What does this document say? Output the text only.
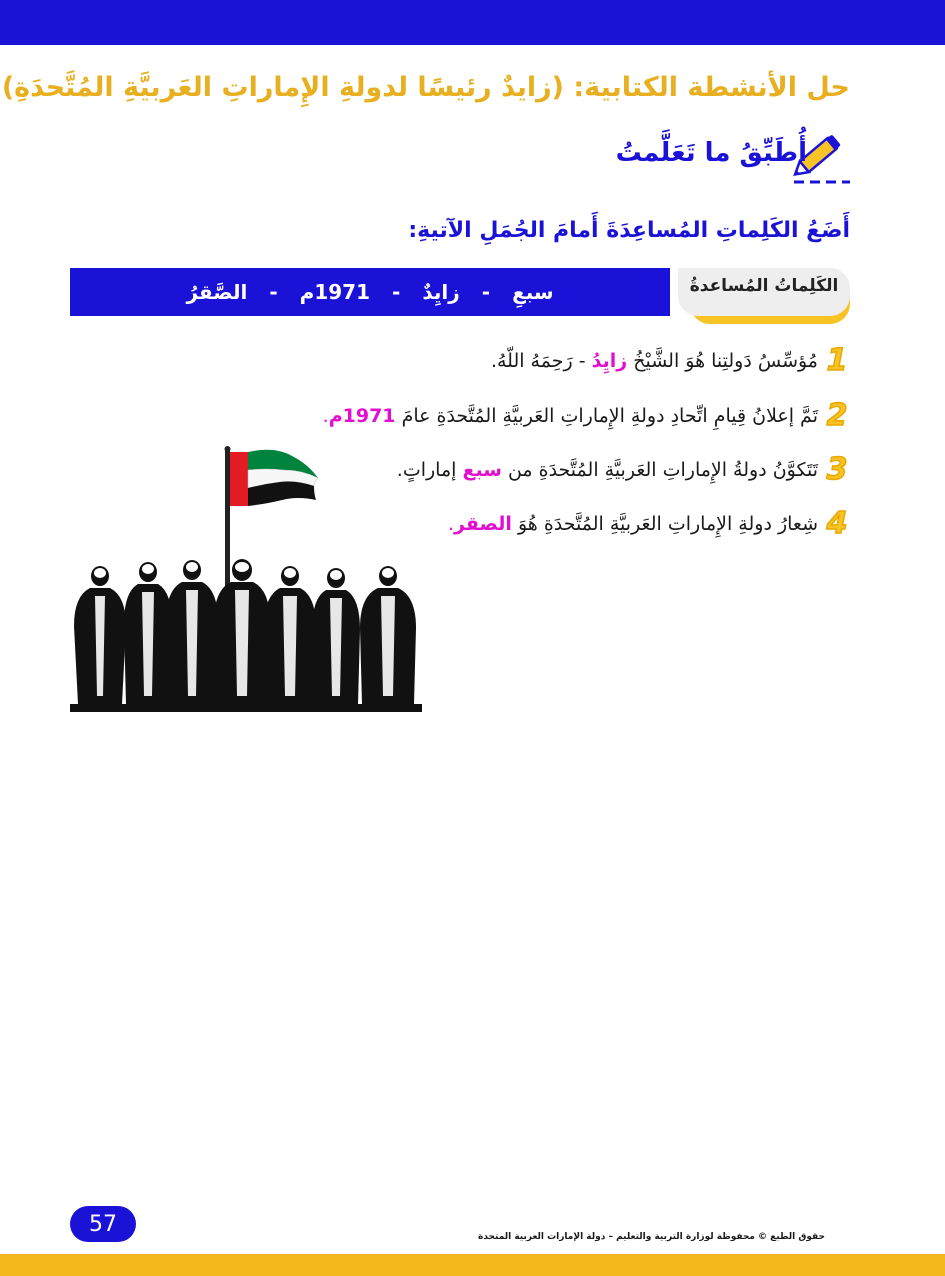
حل الأنشطة الكتابية: (زايدٌ رئيسًا لدولةِ الإِماراتِ العَربيَّةِ المُتَّحدَةِ)
أُطَبِّقُ ما تَعَلَّمتُ
أَضَعُ الكَلِماتِ المُساعِدَةَ أَمامَ الجُمَلِ الآتيةِ:
الكَلِماتُ المُساعدةُ
سبعِ
-
زايِدٌ
-
1971م
-
الصَّقرُ
1
مُؤسِّسُ دَولتِنا هُوَ الشَّيْخُ زايِدُ - رَحِمَهُ اللّهُ.
2
تَمَّ إعلانُ قِيامِ اتِّحادِ دولةِ الإِماراتِ العَربيَّةِ المُتَّحدَةِ عامَ 1971م.
3
تَتَكوَّنُ دولةُ الإِماراتِ العَربيَّةِ المُتَّحدَةِ من سبع إماراتٍ.
4
شِعارُ دولةِ الإِماراتِ العَربيَّةِ المُتَّحدَةِ هُوَ الصقر.
57
حقوق الطبع © محفوظة لوزارة التربية والتعليم – دولة الإمارات العربية المتحدة
